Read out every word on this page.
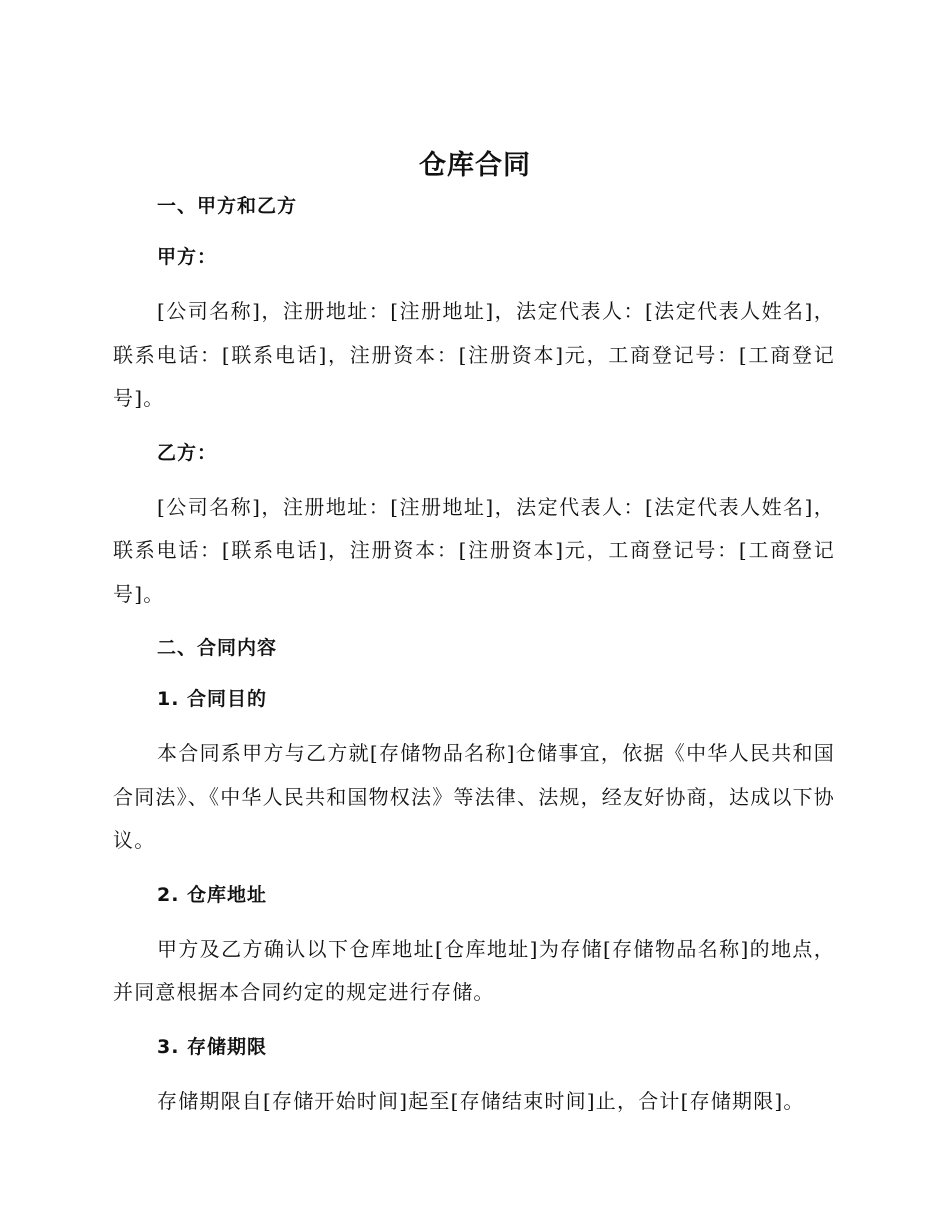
仓库合同
一、甲方和乙方
甲方：

[公司名称]，注册地址：[注册地址]，法定代表人：[法定代表人姓名]，联系电话：[联系电话]，注册资本：[注册资本]元，工商登记号：[工商登记号]。

乙方：

[公司名称]，注册地址：[注册地址]，法定代表人：[法定代表人姓名]，联系电话：[联系电话]，注册资本：[注册资本]元，工商登记号：[工商登记号]。

二、合同内容
1. 合同目的

本合同系甲方与乙方就[存储物品名称]仓储事宜，依据《中华人民共和国合同法》、《中华人民共和国物权法》等法律、法规，经友好协商，达成以下协议。

2. 仓库地址

甲方及乙方确认以下仓库地址[仓库地址]为存储[存储物品名称]的地点，并同意根据本合同约定的规定进行存储。

3. 存储期限

存储期限自[存储开始时间]起至[存储结束时间]止，合计[存储期限]。
